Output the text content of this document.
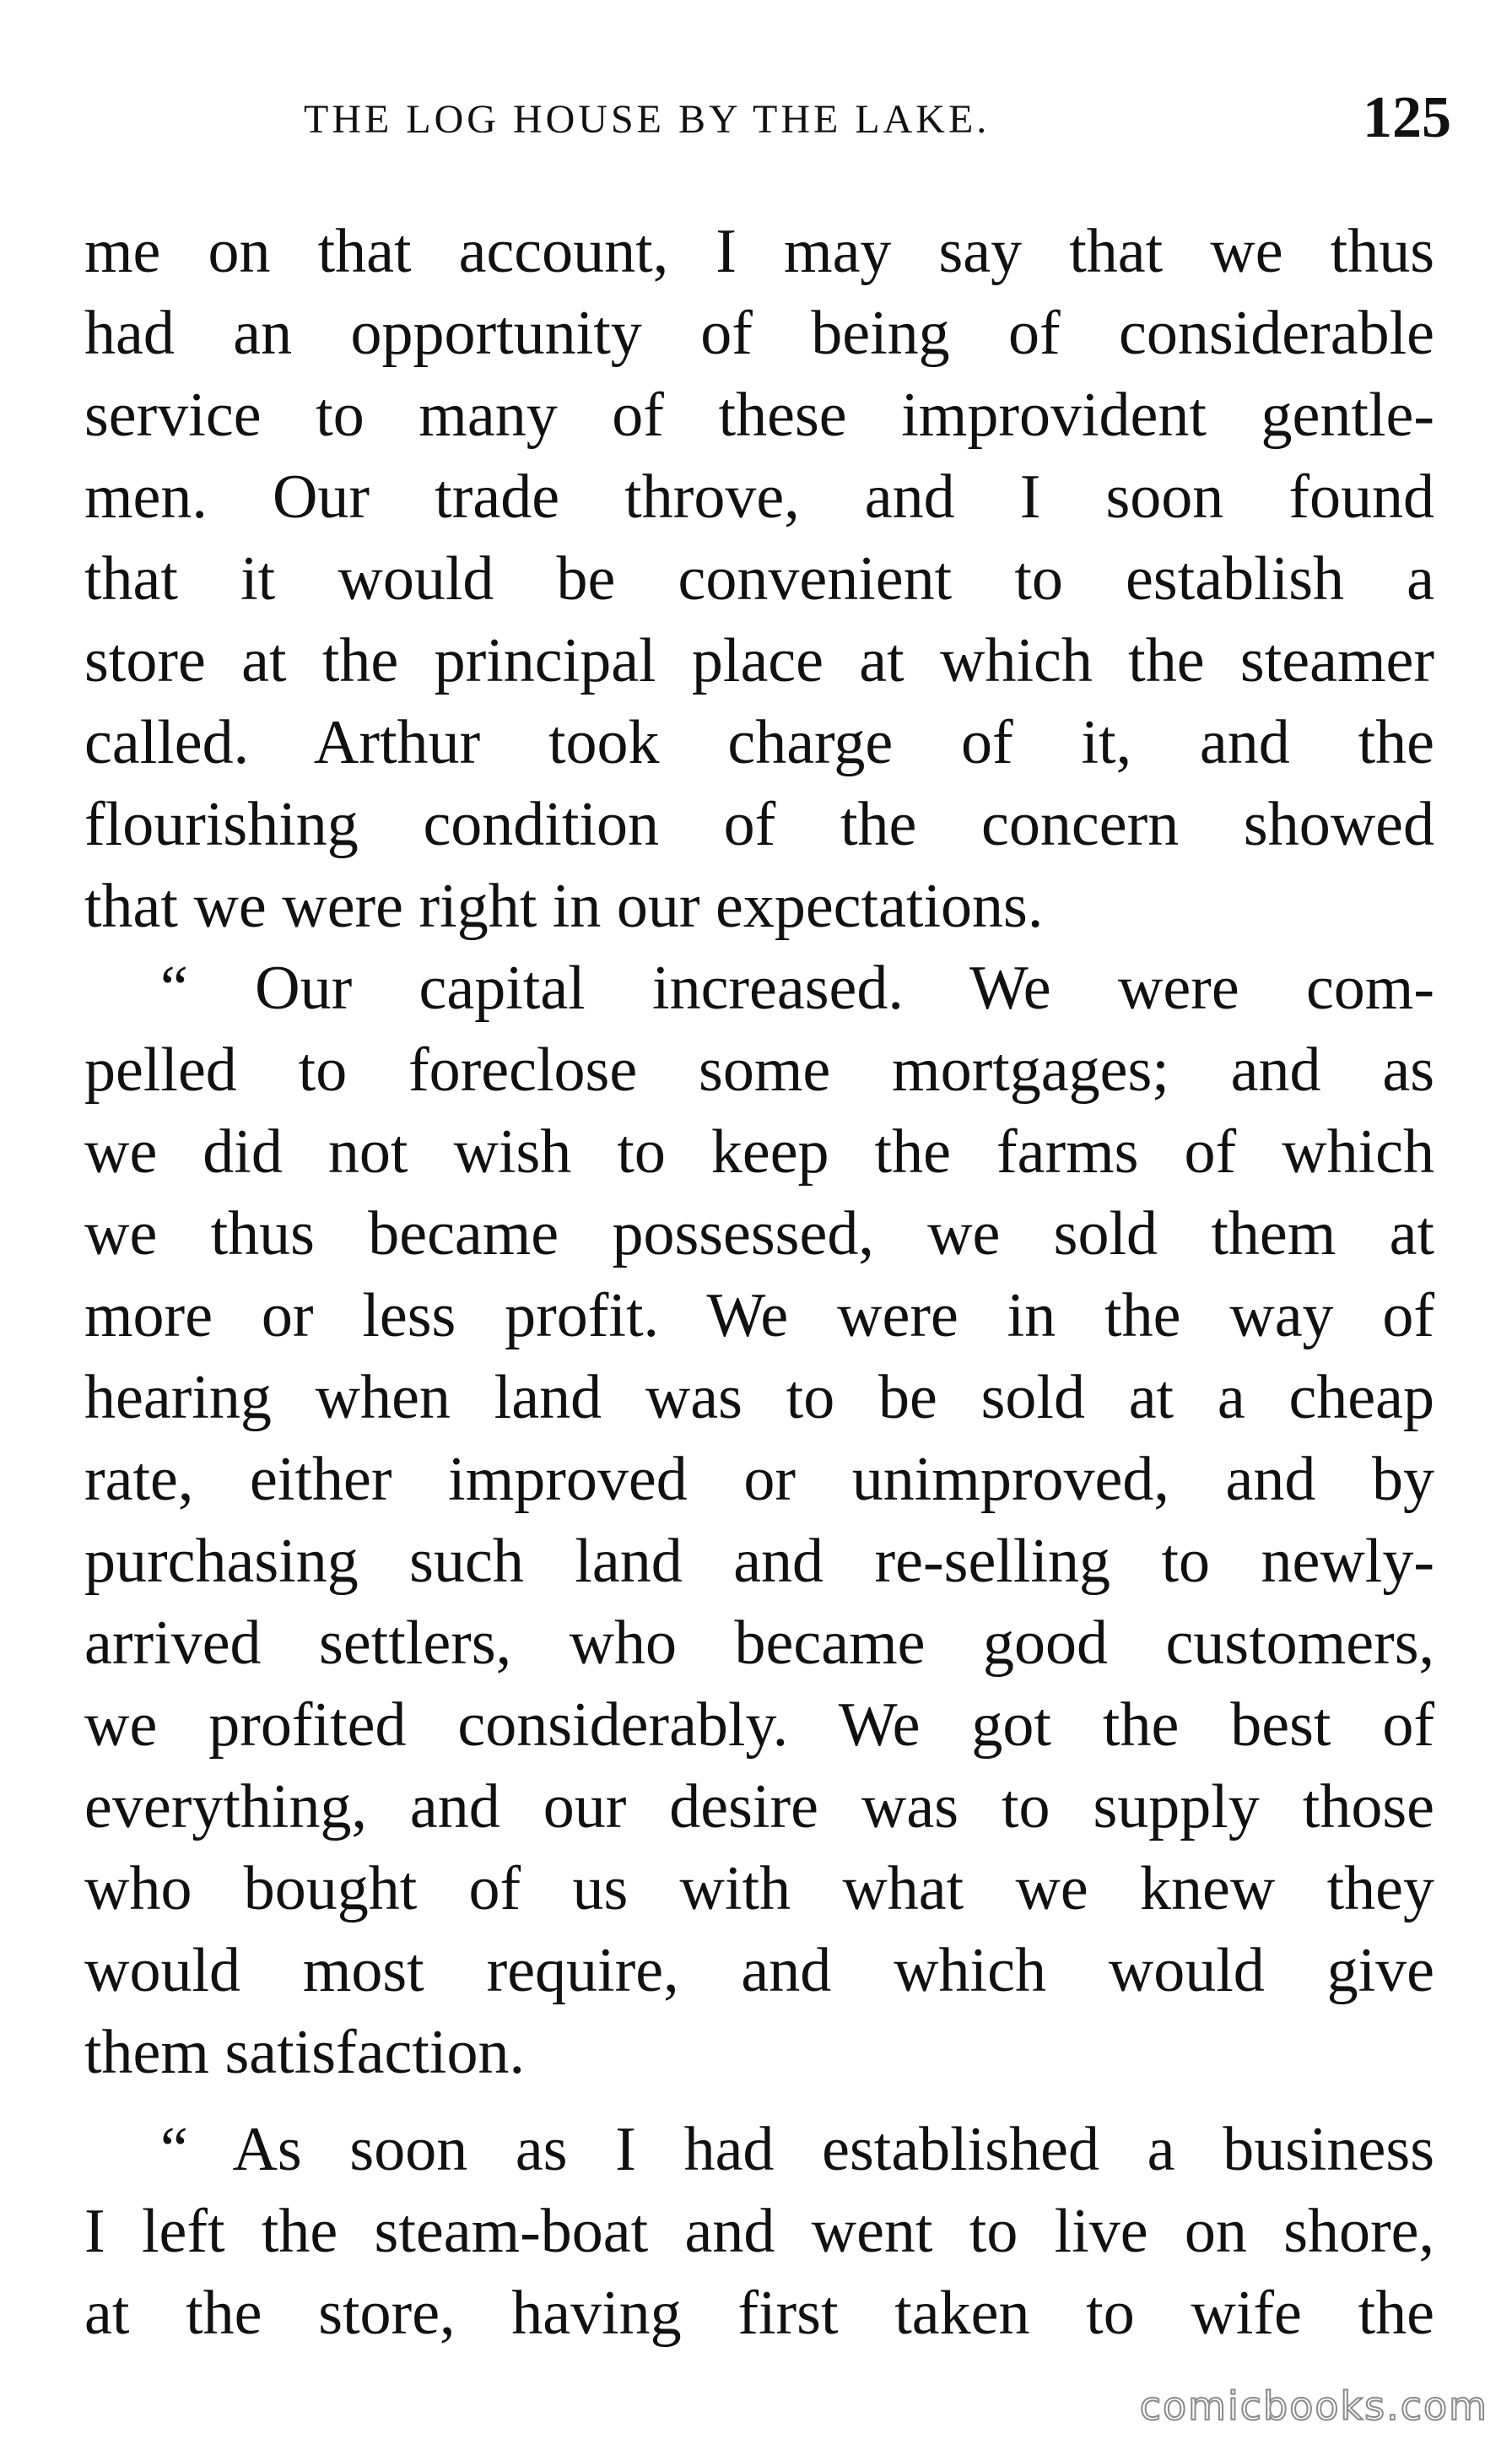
THE LOG HOUSE BY THE LAKE.	125
me on that account, I may say that we thus
had an opportunity of being of considerable
service to many of these improvident gentle-
men. Our trade throve, and I soon found
that it would be convenient to establish a
store at the principal place at which the steamer
called. Arthur took charge of it, and the
flourishing condition of the concern showed
that we were right in our expectations.
“ Our capital increased. We were com-
pelled to foreclose some mortgages; and as
we did not wish to keep the farms of which
we thus became possessed, we sold them at
more or less profit. We were in the way of
hearing when land was to be sold at a cheap
rate, either improved or unimproved, and by
purchasing such land and re-selling to newly-
arrived settlers, who became good customers,
we profited considerably. We got the best of
everything, and our desire was to supply those
who bought of us with what we knew they
would most require, and which would give
them satisfaction.
“ As soon as I had established a business
I left the steam-boat and went to live on shore,
at the store, having first taken to wife the
comicbooks.com
